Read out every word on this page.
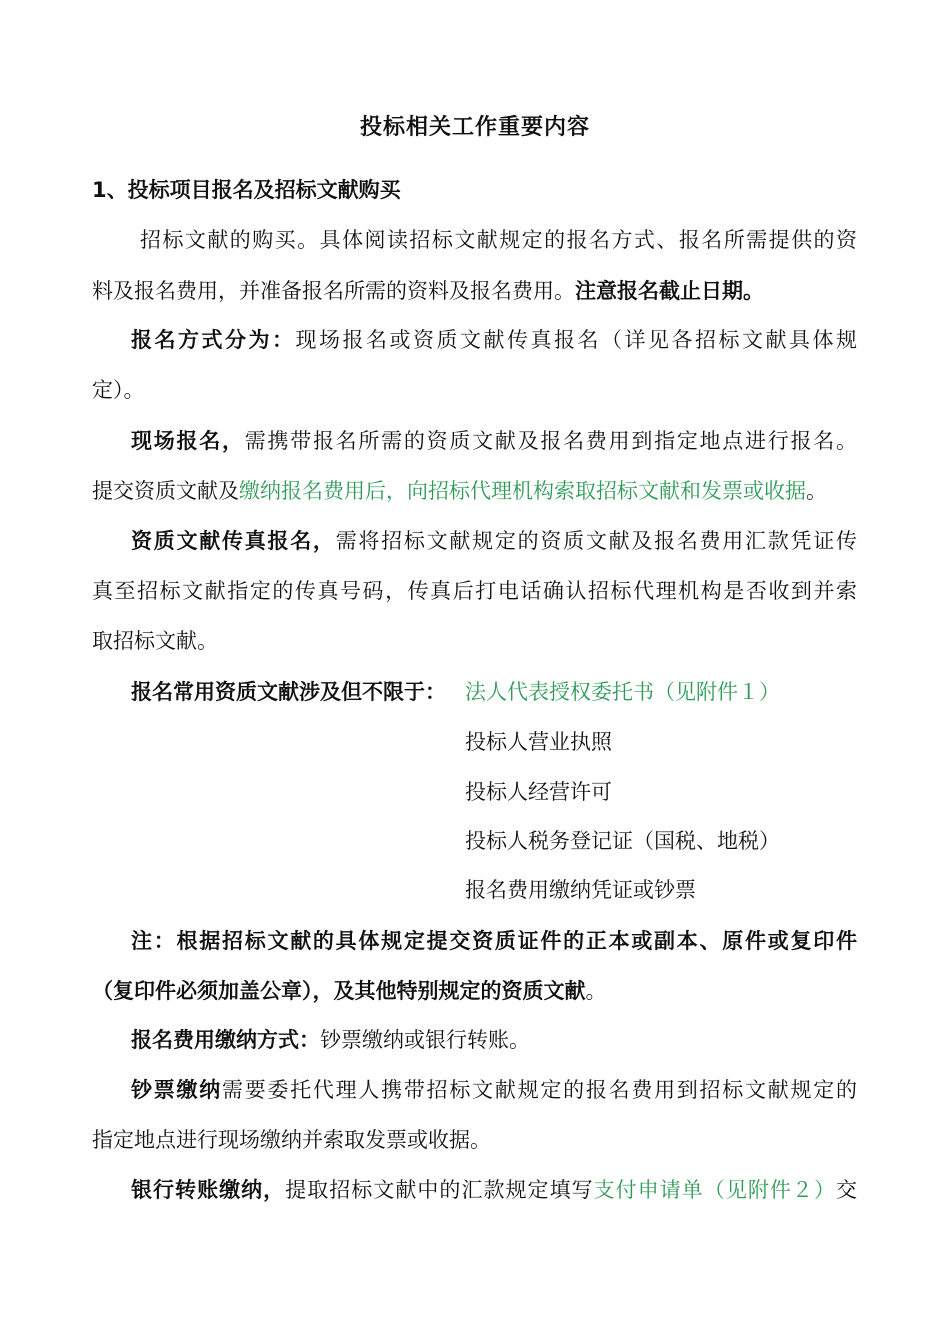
投标相关工作重要内容
1、投标项目报名及招标文献购买
招标文献的购买。具体阅读招标文献规定的报名方式、报名所需提供的资
料及报名费用，并准备报名所需的资料及报名费用。注意报名截止日期。
报名方式分为：现场报名或资质文献传真报名（详见各招标文献具体规
定）。
现场报名，需携带报名所需的资质文献及报名费用到指定地点进行报名。
提交资质文献及缴纳报名费用后，向招标代理机构索取招标文献和发票或收据。
资质文献传真报名，需将招标文献规定的资质文献及报名费用汇款凭证传
真至招标文献指定的传真号码，传真后打电话确认招标代理机构是否收到并索
取招标文献。
报名常用资质文献涉及但不限于： 法人代表授权委托书（见附件１）
投标人营业执照
投标人经营许可
投标人税务登记证（国税、地税）
报名费用缴纳凭证或钞票
注：根据招标文献的具体规定提交资质证件的正本或副本、原件或复印件
（复印件必须加盖公章），及其他特别规定的资质文献。
报名费用缴纳方式：钞票缴纳或银行转账。
钞票缴纳需要委托代理人携带招标文献规定的报名费用到招标文献规定的
指定地点进行现场缴纳并索取发票或收据。
银行转账缴纳，提取招标文献中的汇款规定填写支付申请单（见附件２）交
